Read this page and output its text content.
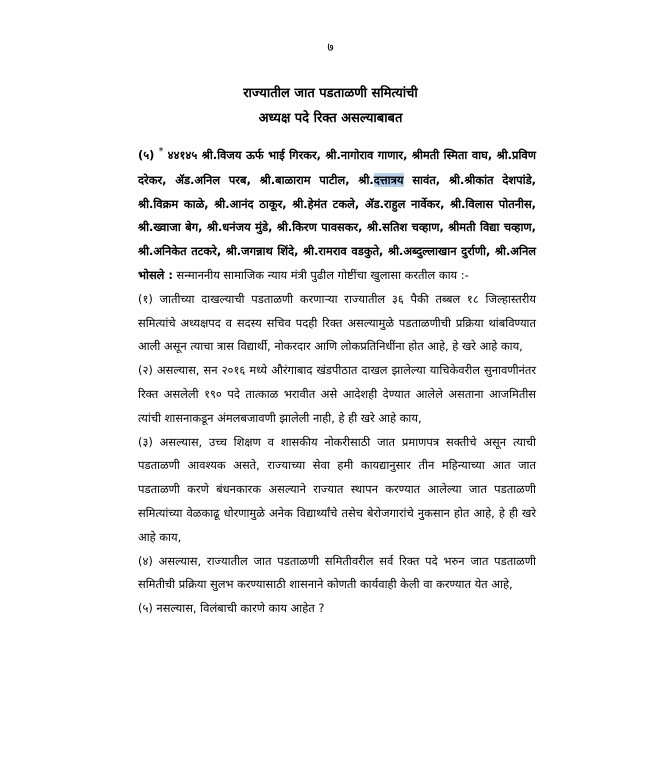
७
राज्यातील जात पडताळणी समित्यांची
अध्यक्ष पदे रिक्त असल्याबाबत

(५) * ४४१४५ श्री.विजय ऊर्फ भाई गिरकर, श्री.नागोराव गाणार, श्रीमती स्मिता वाघ, श्री.प्रविण दरेकर, ॲड.अनिल परब, श्री.बाळाराम पाटील, श्री.दत्तात्रय सावंत, श्री.श्रीकांत देशपांडे, श्री.विक्रम काळे, श्री.आनंद ठाकूर, श्री.हेमंत टकले, ॲड.राहुल नार्वेकर, श्री.विलास पोतनीस, श्री.ख्वाजा बेग, श्री.धनंजय मुंडे, श्री.किरण पावसकर, श्री.सतिश चव्हाण, श्रीमती विद्या चव्हाण, श्री.अनिकेत तटकरे, श्री.जगन्नाथ शिंदे, श्री.रामराव वडकुते, श्री.अब्दुल्लाखान दुर्राणी, श्री.अनिल भोसले : सन्माननीय सामाजिक न्याय मंत्री पुढील गोष्टींचा खुलासा करतील काय :-

(१) जातीच्या दाखल्याची पडताळणी करणाऱ्या राज्यातील ३६ पैकी तब्बल १८ जिल्हास्तरीय समित्यांचे अध्यक्षपद व सदस्य सचिव पदही रिक्त असल्यामुळे पडताळणीची प्रक्रिया थांबविण्यात आली असून त्याचा त्रास विद्यार्थी, नोकरदार आणि लोकप्रतिनिधींना होत आहे, हे खरे आहे काय,

(२) असल्यास, सन २०१६ मध्ये औरंगाबाद खंडपीठात दाखल झालेल्या याचिकेवरील सुनावणीनंतर रिक्त असलेली १९० पदे तात्काळ भरावीत असे आदेशही देण्यात आलेले असताना आजमितीस त्यांची शासनाकडून अंमलबजावणी झालेली नाही, हे ही खरे आहे काय,

(३) असल्यास, उच्च शिक्षण व शासकीय नोकरीसाठी जात प्रमाणपत्र सक्तीचे असून त्याची पडताळणी आवश्यक असते, राज्याच्या सेवा हमी कायद्यानुसार तीन महिन्याच्या आत जात पडताळणी करणे बंधनकारक असल्याने राज्यात स्थापन करण्यात आलेल्या जात पडताळणी समित्यांच्या वेळकाढू धोरणामुळे अनेक विद्यार्थ्यांचे तसेच बेरोजगारांचे नुकसान होत आहे, हे ही खरे आहे काय,

(४) असल्यास, राज्यातील जात पडताळणी समितीवरील सर्व रिक्त पदे भरुन जात पडताळणी समितीची प्रक्रिया सुलभ करण्यासाठी शासनाने कोणती कार्यवाही केली वा करण्यात येत आहे,

(५) नसल्यास, विलंबाची कारणे काय आहेत ?
